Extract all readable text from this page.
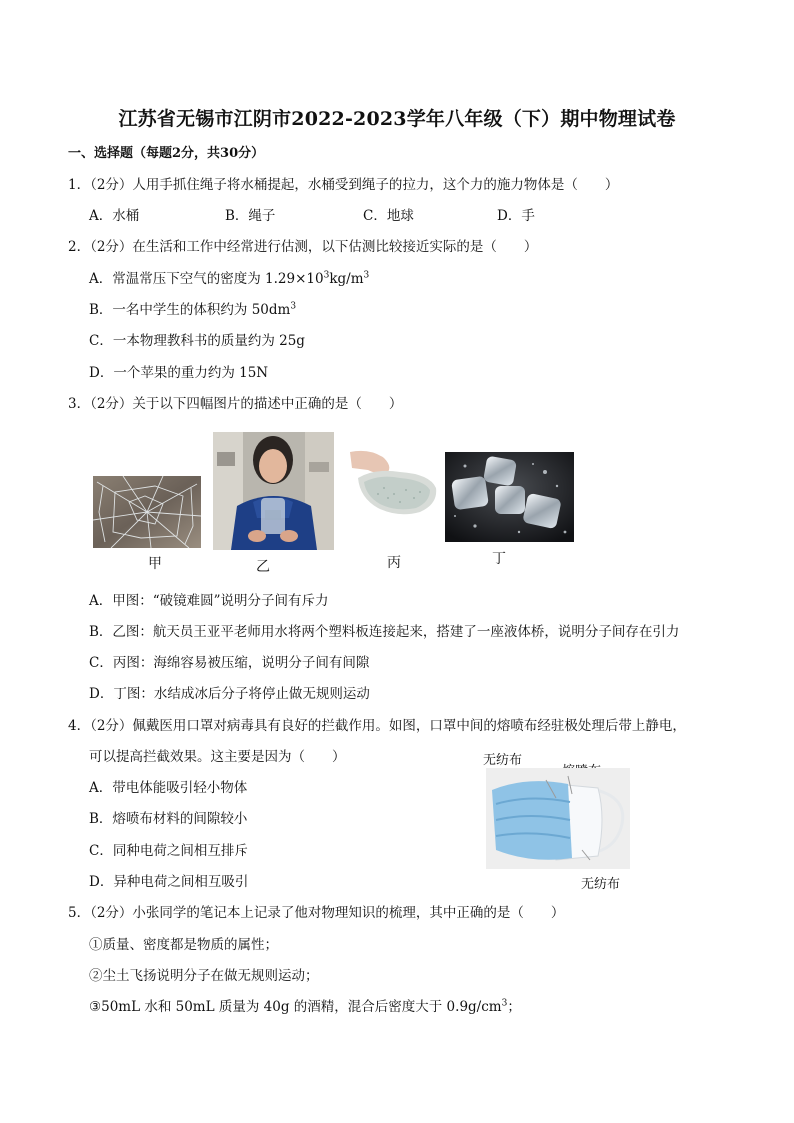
江苏省无锡市江阴市2022-2023学年八年级（下）期中物理试卷
一、选择题（每题2分，共30分）
1．（2分）人用手抓住绳子将水桶提起，水桶受到绳子的拉力，这个力的施力物体是（　　）
A．水桶	B．绳子	C．地球	D．手
2．（2分）在生活和工作中经常进行估测，以下估测比较接近实际的是（　　）
A．常温常压下空气的密度为 $1.29\times 10^3kg/m^3$
B．一名中学生的体积约为 $50dm^3$
C．一本物理教科书的质量约为 25g
D．一个苹果的重力约为 15N
3．（2分）关于以下四幅图片的描述中正确的是（　　）
甲	乙	丙	丁
A．甲图：“破镜难圆”说明分子间有斥力
B．乙图：航天员王亚平老师用水将两个塑料板连接起来，搭建了一座液体桥，说明分子间存在引力
C．丙图：海绵容易被压缩，说明分子间有间隙
D．丁图：水结成冰后分子将停止做无规则运动
4．（2分）佩戴医用口罩对病毒具有良好的拦截作用。如图，口罩中间的熔喷布经驻极处理后带上静电，
可以提高拦截效果。这主要是因为（　　）
A．带电体能吸引轻小物体
B．熔喷布材料的间隙较小
C．同种电荷之间相互排斥
D．异种电荷之间相互吸引
无纺布
无纺布
5．（2分）小张同学的笔记本上记录了他对物理知识的梳理，其中正确的是（　　）
①质量、密度都是物质的属性；
②尘土飞扬说明分子在做无规则运动；
③50mL 水和 50mL 质量为 40g 的酒精，混合后密度大于 $0.9g/cm^3$；
